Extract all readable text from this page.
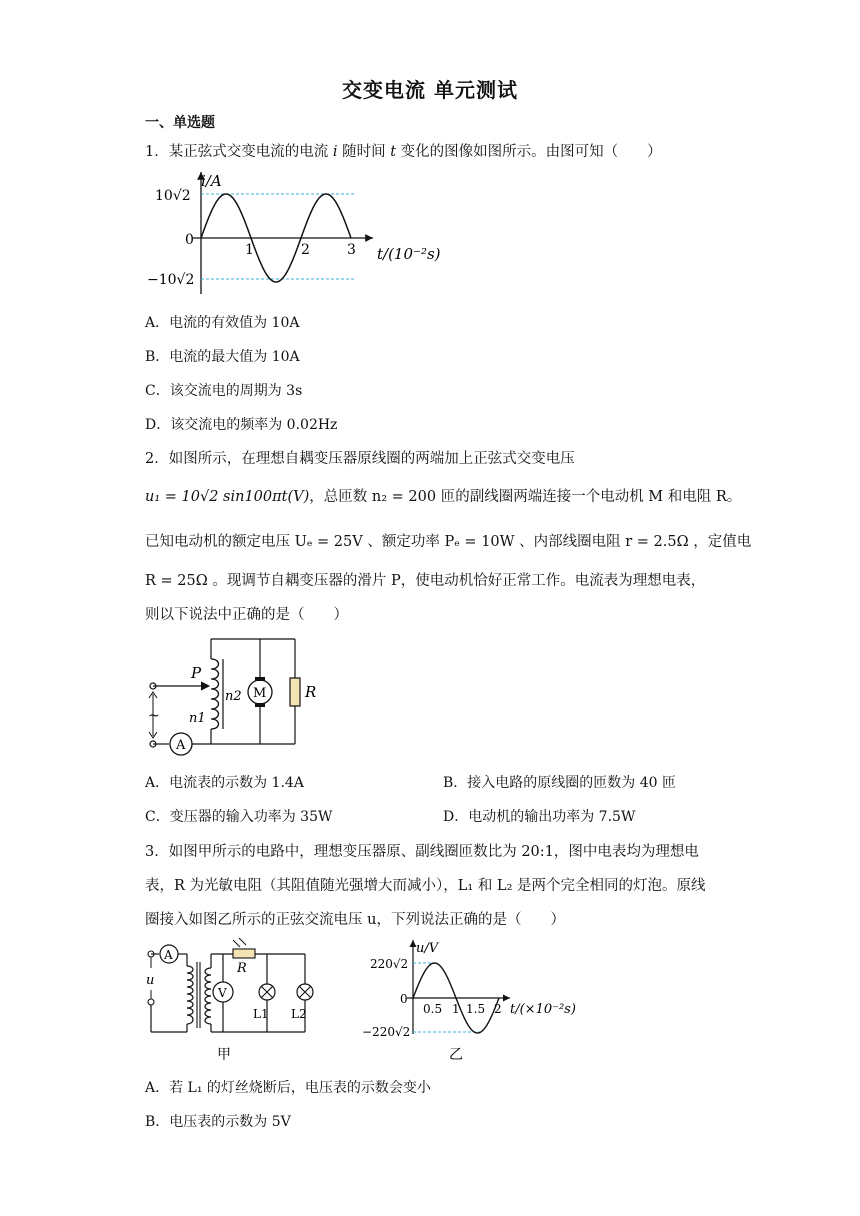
交变电流 单元测试
一、单选题
1．某正弦式交变电流的电流 i 随时间 t 变化的图像如图所示。由图可知（　　）
i/A
10√2
−10√2
0
1	2	3 t/(10⁻²s)
A．电流的有效值为 10A
B．电流的最大值为 10A
C．该交流电的周期为 3s
D．该交流电的频率为 0.02Hz
2．如图所示，在理想自耦变压器原线圈的两端加上正弦式交变电压
u₁ = 10√2 sin100πt(V)，总匝数 n₂ = 200 匝的副线圈两端连接一个电动机 M 和电阻 R。
已知电动机的额定电压 Uₑ = 25V 、额定功率 Pₑ = 10W 、内部线圈电阻 r = 2.5Ω ，定值电
R = 25Ω 。现调节自耦变压器的滑片 P，使电动机恰好正常工作。电流表为理想电表，
则以下说法中正确的是（　　）
~
A
P
n2
n1
M	R
A．电流表的示数为 1.4A	B．接入电路的原线圈的匝数为 40 匝
C．变压器的输入功率为 35W	D．电动机的输出功率为 7.5W
3．如图甲所示的电路中，理想变压器原、副线圈匝数比为 20:1，图中电表均为理想电
表，R 为光敏电阻（其阻值随光强增大而减小），L₁ 和 L₂ 是两个完全相同的灯泡。原线
圈接入如图乙所示的正弦交流电压 u，下列说法正确的是（　　）
u
A
R
V
L1 L2
甲
u/V
220√2
−220√2
0
0.5 1 1.5 2 t/(×10⁻²s)
乙
A．若 L₁ 的灯丝烧断后，电压表的示数会变小
B．电压表的示数为 5V
